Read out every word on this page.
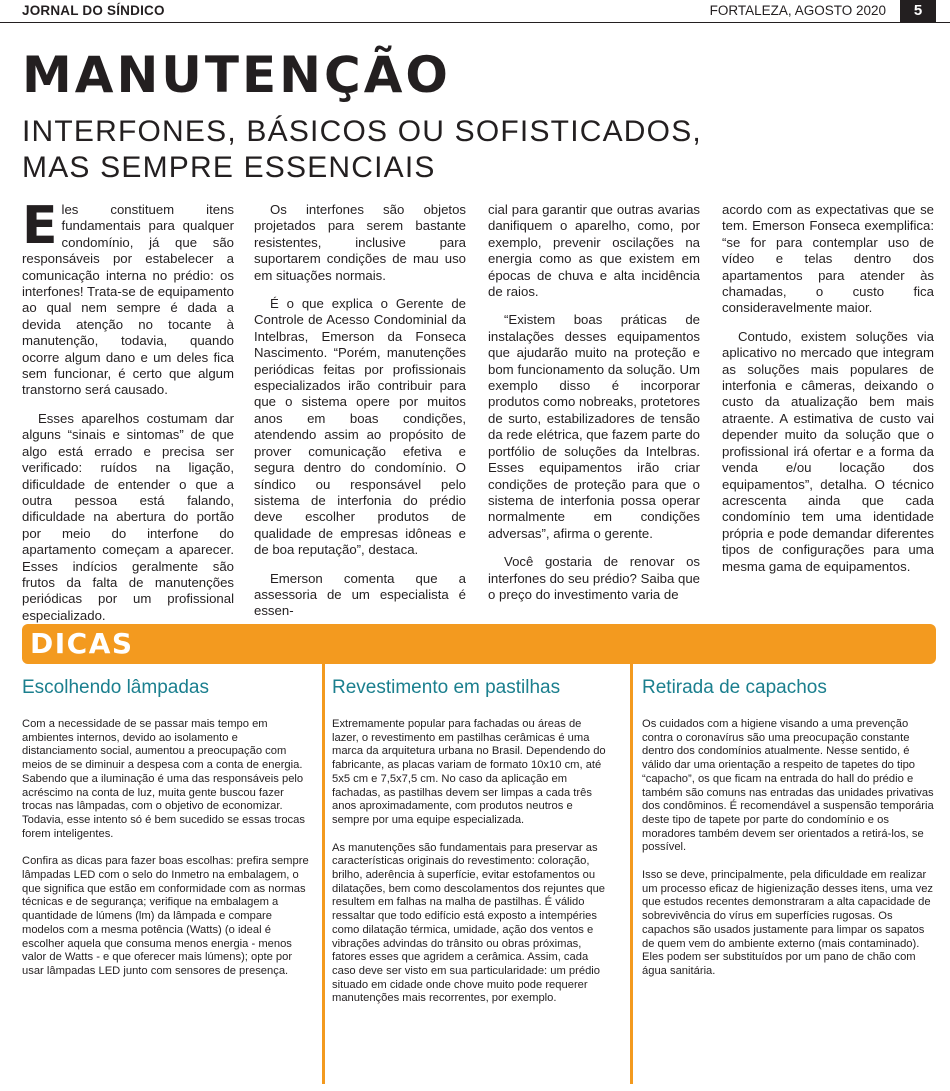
JORNAL DO SÍNDICO	FORTALEZA, AGOSTO 2020	5
MANUTENÇÃO
INTERFONES, BÁSICOS OU SOFISTICADOS,
MAS SEMPRE ESSENCIAIS

Eles constituem itens fundamentais para qualquer condomínio, já que são responsáveis por estabelecer a comunicação interna no prédio: os interfones! Trata-se de equipamento ao qual nem sempre é dada a devida atenção no tocante à manutenção, todavia, quando ocorre algum dano e um deles fica sem funcionar, é certo que algum transtorno será causado.

Esses aparelhos costumam dar alguns “sinais e sintomas” de que algo está errado e precisa ser verificado: ruídos na ligação, dificuldade de entender o que a outra pessoa está falando, dificuldade na abertura do portão por meio do interfone do apartamento começam a aparecer. Esses indícios geralmente são frutos da falta de manutenções periódicas por um profissional especializado.

Os interfones são objetos projetados para serem bastante resistentes, inclusive para suportarem condições de mau uso em situações normais.

É o que explica o Gerente de Controle de Acesso Condominial da Intelbras, Emerson da Fonseca Nascimento. “Porém, manutenções periódicas feitas por profissionais especializados irão contribuir para que o sistema opere por muitos anos em boas condições, atendendo assim ao propósito de prover comunicação efetiva e segura dentro do condomínio. O síndico ou responsável pelo sistema de interfonia do prédio deve escolher produtos de qualidade de empresas idôneas e de boa reputação”, destaca.

Emerson comenta que a assessoria de um especialista é essen-

cial para garantir que outras avarias danifiquem o aparelho, como, por exemplo, prevenir oscilações na energia como as que existem em épocas de chuva e alta incidência de raios.

“Existem boas práticas de instalações desses equipamentos que ajudarão muito na proteção e bom funcionamento da solução. Um exemplo disso é incorporar produtos como nobreaks, protetores de surto, estabilizadores de tensão da rede elétrica, que fazem parte do portfólio de soluções da Intelbras. Esses equipamentos irão criar condições de proteção para que o sistema de interfonia possa operar normalmente em condições adversas”, afirma o gerente.

Você gostaria de renovar os interfones do seu prédio? Saiba que o preço do investimento varia de

acordo com as expectativas que se tem. Emerson Fonseca exemplifica: “se for para contemplar uso de vídeo e telas dentro dos apartamentos para atender às chamadas, o custo fica consideravelmente maior.

Contudo, existem soluções via aplicativo no mercado que integram as soluções mais populares de interfonia e câmeras, deixando o custo da atualização bem mais atraente. A estimativa de custo vai depender muito da solução que o profissional irá ofertar e a forma da venda e/ou locação dos equipamentos”, detalha. O técnico acrescenta ainda que cada condomínio tem uma identidade própria e pode demandar diferentes tipos de configurações para uma mesma gama de equipamentos.

DICAS
Escolhendo lâmpadas

Com a necessidade de se passar mais tempo em ambientes internos, devido ao isolamento e distanciamento social, aumentou a preocupação com meios de se diminuir a despesa com a conta de energia. Sabendo que a iluminação é uma das responsáveis pelo acréscimo na conta de luz, muita gente buscou fazer trocas nas lâmpadas, com o objetivo de economizar. Todavia, esse intento só é bem sucedido se essas trocas forem inteligentes.

Confira as dicas para fazer boas escolhas: prefira sempre lâmpadas LED com o selo do Inmetro na embalagem, o que significa que estão em conformidade com as normas técnicas e de segurança; verifique na embalagem a quantidade de lúmens (lm) da lâmpada e compare modelos com a mesma potência (Watts) (o ideal é escolher aquela que consuma menos energia - menos valor de Watts - e que oferecer mais lúmens); opte por usar lâmpadas LED junto com sensores de presença.

Revestimento em pastilhas

Extremamente popular para fachadas ou áreas de lazer, o revestimento em pastilhas cerâmicas é uma marca da arquitetura urbana no Brasil. Dependendo do fabricante, as placas variam de formato 10x10 cm, até 5x5 cm e 7,5x7,5 cm. No caso da aplicação em fachadas, as pastilhas devem ser limpas a cada três anos aproximadamente, com produtos neutros e sempre por uma equipe especializada.

As manutenções são fundamentais para preservar as características originais do revestimento: coloração, brilho, aderência à superfície, evitar estofamentos ou dilatações, bem como descolamentos dos rejuntes que resultem em falhas na malha de pastilhas. É válido ressaltar que todo edifício está exposto a intempéries como dilatação térmica, umidade, ação dos ventos e vibrações advindas do trânsito ou obras próximas, fatores esses que agridem a cerâmica. Assim, cada caso deve ser visto em sua particularidade: um prédio situado em cidade onde chove muito pode requerer manutenções mais recorrentes, por exemplo.

Retirada de capachos

Os cuidados com a higiene visando a uma prevenção contra o coronavírus são uma preocupação constante dentro dos condomínios atualmente. Nesse sentido, é válido dar uma orientação a respeito de tapetes do tipo “capacho”, os que ficam na entrada do hall do prédio e também são comuns nas entradas das unidades privativas dos condôminos. É recomendável a suspensão temporária deste tipo de tapete por parte do condomínio e os moradores também devem ser orientados a retirá-los, se possível.

Isso se deve, principalmente, pela dificuldade em realizar um processo eficaz de higienização desses itens, uma vez que estudos recentes demonstraram a alta capacidade de sobrevivência do vírus em superfícies rugosas. Os capachos são usados justamente para limpar os sapatos de quem vem do ambiente externo (mais contaminado). Eles podem ser substituídos por um pano de chão com água sanitária.
